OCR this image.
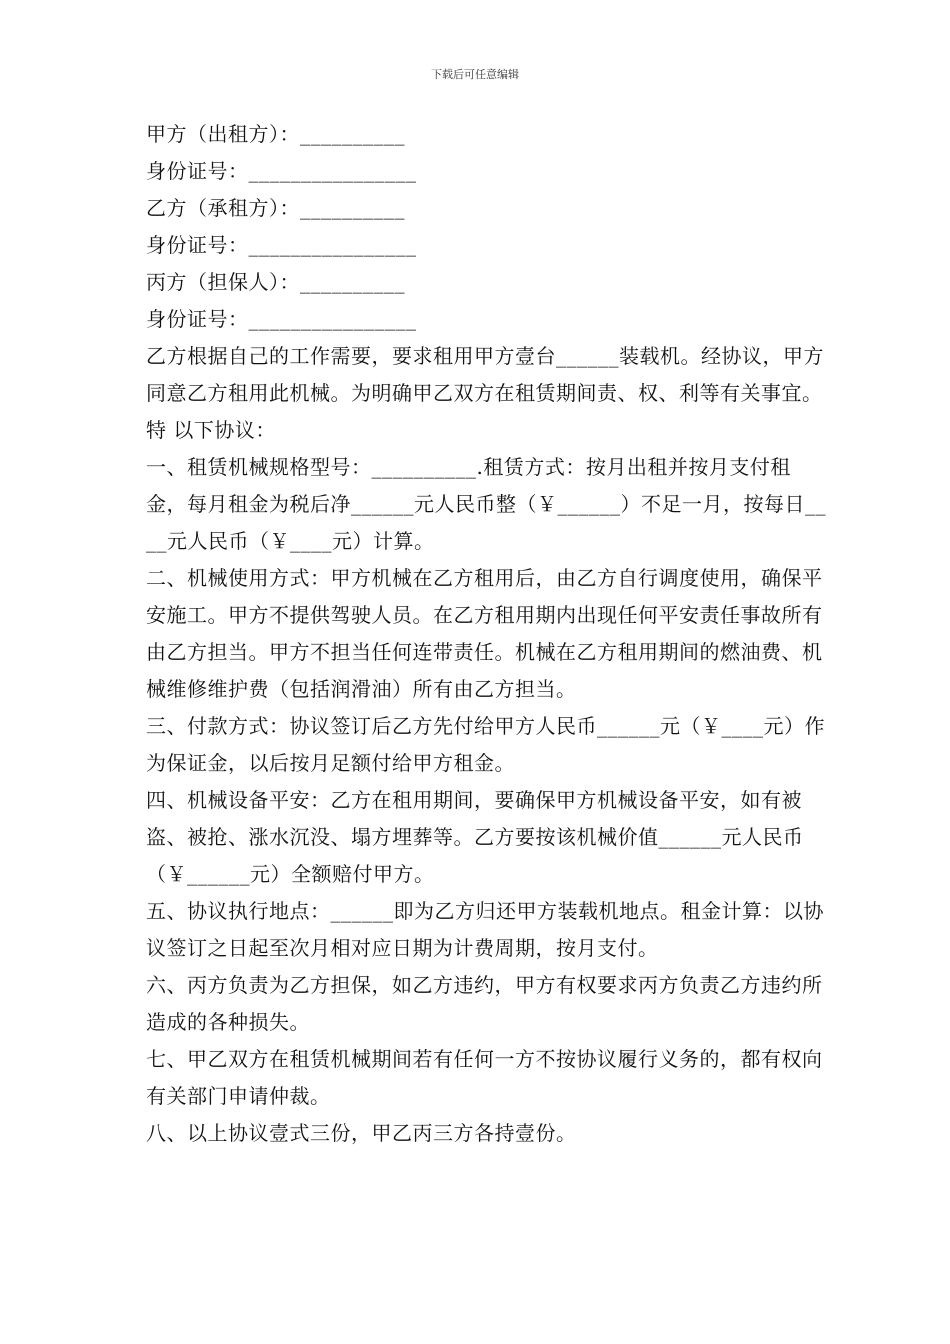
下载后可任意编辑

甲方（出租方）：__________

身份证号：________________

乙方（承租方）：__________

身份证号：________________

丙方（担保人）：__________

身份证号：________________

乙方根据自己的工作需要，要求租用甲方壹台______装载机。经协议，甲方同意乙方租用此机械。为明确甲乙双方在租赁期间责、权、利等有关事宜。特 以下协议：

一、租赁机械规格型号：__________.租赁方式：按月出租并按月支付租金，每月租金为税后净______元人民币整（￥______）不足一月，按每日____元人民币（￥____元）计算。

二、机械使用方式：甲方机械在乙方租用后，由乙方自行调度使用，确保平安施工。甲方不提供驾驶人员。在乙方租用期内出现任何平安责任事故所有由乙方担当。甲方不担当任何连带责任。机械在乙方租用期间的燃油费、机械维修维护费（包括润滑油）所有由乙方担当。

三、付款方式：协议签订后乙方先付给甲方人民币______元（￥____元）作为保证金，以后按月足额付给甲方租金。

四、机械设备平安：乙方在租用期间，要确保甲方机械设备平安，如有被盗、被抢、涨水沉没、塌方埋葬等。乙方要按该机械价值______元人民币（￥______元）全额赔付甲方。

五、协议执行地点：______即为乙方归还甲方装载机地点。租金计算：以协议签订之日起至次月相对应日期为计费周期，按月支付。

六、丙方负责为乙方担保，如乙方违约，甲方有权要求丙方负责乙方违约所造成的各种损失。

七、甲乙双方在租赁机械期间若有任何一方不按协议履行义务的，都有权向有关部门申请仲裁。

八、以上协议壹式三份，甲乙丙三方各持壹份。
